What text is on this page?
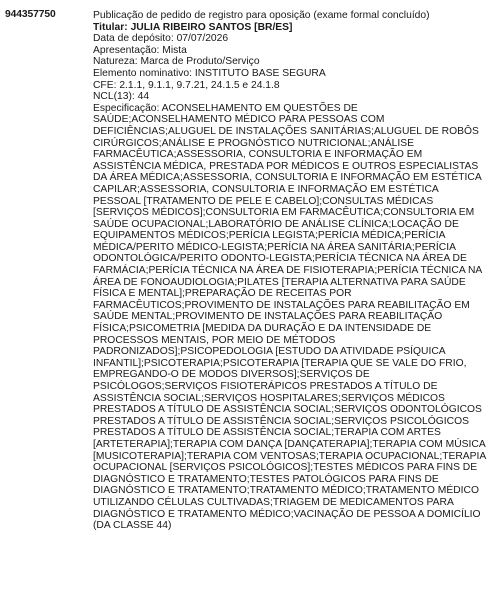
944357750	Publicação de pedido de registro para oposição (exame formal concluído)
Titular: JULIA RIBEIRO SANTOS [BR/ES]
Data de depósito: 07/07/2026
Apresentação: Mista
Natureza: Marca de Produto/Serviço
Elemento nominativo: INSTITUTO BASE SEGURA
CFE: 2.1.1, 9.1.1, 9.7.21, 24.1.5 e 24.1.8
NCL(13): 44
Especificação: ACONSELHAMENTO EM QUESTÕES DE SAÚDE;ACONSELHAMENTO MÉDICO PARA PESSOAS COM DEFICIÊNCIAS;ALUGUEL DE INSTALAÇÕES SANITÁRIAS;ALUGUEL DE ROBÔS CIRÚRGICOS;ANÁLISE E PROGNÓSTICO NUTRICIONAL;ANÁLISE FARMACÊUTICA;ASSESSORIA, CONSULTORIA E INFORMAÇÃO EM ASSISTÊNCIA MÉDICA, PRESTADA POR MÉDICOS E OUTROS ESPECIALISTAS DA ÁREA MÉDICA;ASSESSORIA, CONSULTORIA E INFORMAÇÃO EM ESTÉTICA CAPILAR;ASSESSORIA, CONSULTORIA E INFORMAÇÃO EM ESTÉTICA PESSOAL [TRATAMENTO DE PELE E CABELO];CONSULTAS MÉDICAS [SERVIÇOS MÉDICOS];CONSULTORIA EM FARMACÊUTICA;CONSULTORIA EM SAÚDE OCUPACIONAL;LABORATÓRIO DE ANÁLISE CLÍNICA;LOCAÇÃO DE EQUIPAMENTOS MÉDICOS;PERÍCIA LEGISTA;PERÍCIA MÉDICA;PERÍCIA MÉDICA/PERITO MÉDICO-LEGISTA;PERÍCIA NA ÁREA SANITÁRIA;PERÍCIA ODONTOLÓGICA/PERITO ODONTO-LEGISTA;PERÍCIA TÉCNICA NA ÁREA DE FARMÁCIA;PERÍCIA TÉCNICA NA ÁREA DE FISIOTERAPIA;PERÍCIA TÉCNICA NA ÁREA DE FONOAUDIOLOGIA;PILATES [TERAPIA ALTERNATIVA PARA SAÚDE FÍSICA E MENTAL];PREPARAÇÃO DE RECEITAS POR FARMACÊUTICOS;PROVIMENTO DE INSTALAÇÕES PARA REABILITAÇÃO EM SAÚDE MENTAL;PROVIMENTO DE INSTALAÇÕES PARA REABILITAÇÃO FÍSICA;PSICOMETRIA [MEDIDA DA DURAÇÃO E DA INTENSIDADE DE PROCESSOS MENTAIS, POR MEIO DE MÉTODOS PADRONIZADOS];PSICOPEDOLOGIA [ESTUDO DA ATIVIDADE PSÍQUICA INFANTIL];PSICOTERAPIA;PSICOTERAPIA [TERAPIA QUE SE VALE DO FRIO, EMPREGANDO-O DE MODOS DIVERSOS];SERVIÇOS DE PSICÓLOGOS;SERVIÇOS FISIOTERÁPICOS PRESTADOS A TÍTULO DE ASSISTÊNCIA SOCIAL;SERVIÇOS HOSPITALARES;SERVIÇOS MÉDICOS PRESTADOS A TÍTULO DE ASSISTÊNCIA SOCIAL;SERVIÇOS ODONTOLÓGICOS PRESTADOS A TÍTULO DE ASSISTÊNCIA SOCIAL;SERVIÇOS PSICOLÓGICOS PRESTADOS A TÍTULO DE ASSISTÊNCIA SOCIAL;TERAPIA COM ARTES [ARTETERAPIA];TERAPIA COM DANÇA [DANÇATERAPIA];TERAPIA COM MÚSICA [MUSICOTERAPIA];TERAPIA COM VENTOSAS;TERAPIA OCUPACIONAL;TERAPIA OCUPACIONAL [SERVIÇOS PSICOLÓGICOS];TESTES MÉDICOS PARA FINS DE DIAGNÓSTICO E TRATAMENTO;TESTES PATOLÓGICOS PARA FINS DE DIAGNÓSTICO E TRATAMENTO;TRATAMENTO MÉDICO;TRATAMENTO MÉDICO UTILIZANDO CÉLULAS CULTIVADAS;TRIAGEM DE MEDICAMENTOS PARA DIAGNÓSTICO E TRATAMENTO MÉDICO;VACINAÇÃO DE PESSOA A DOMICÍLIO (DA CLASSE 44)
